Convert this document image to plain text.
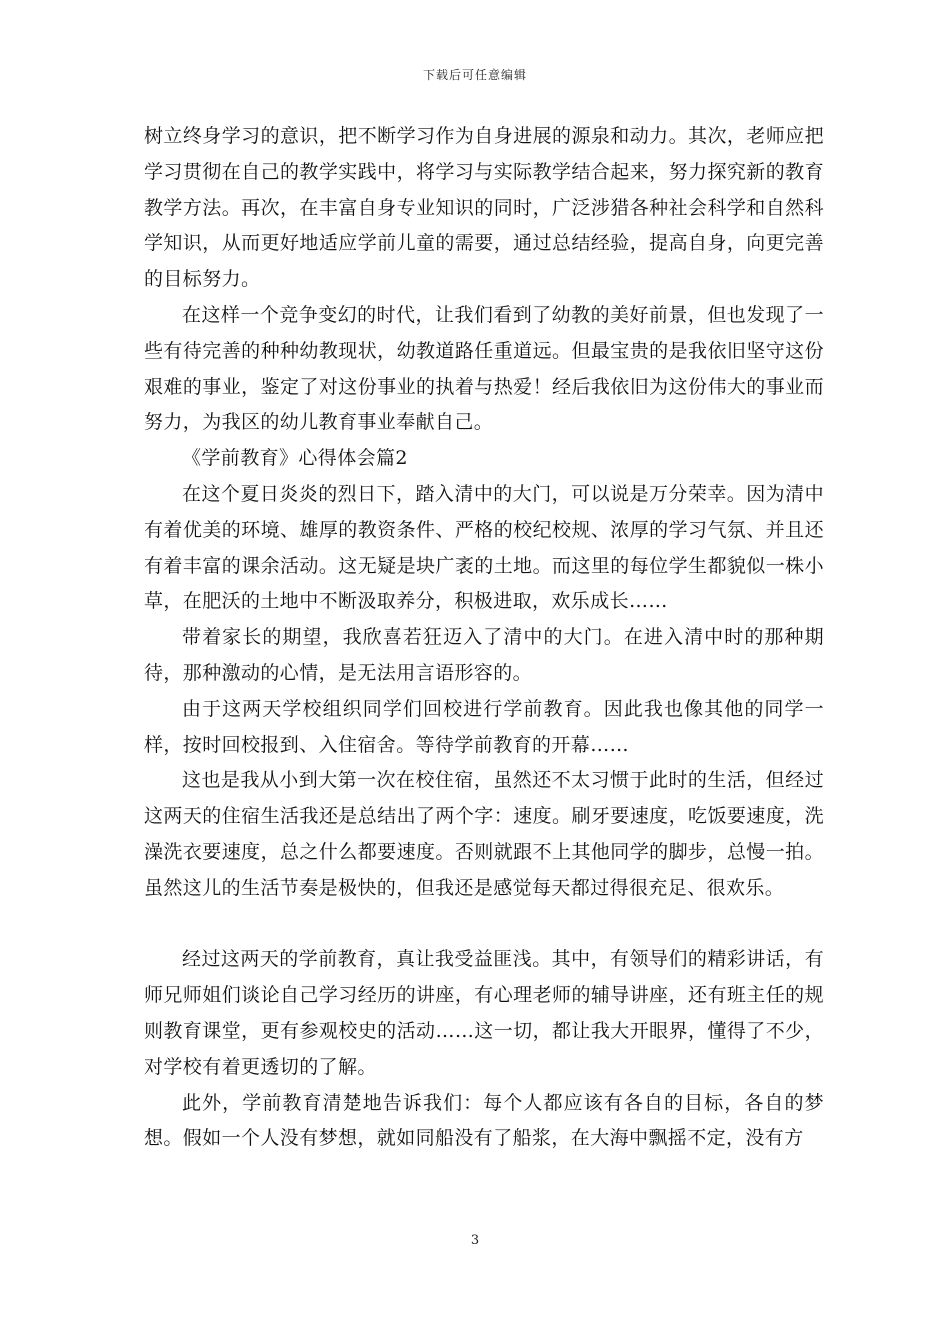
下载后可任意编辑

树立终身学习的意识，把不断学习作为自身进展的源泉和动力。其次，老师应把学习贯彻在自己的教学实践中，将学习与实际教学结合起来，努力探究新的教育教学方法。再次，在丰富自身专业知识的同时，广泛涉猎各种社会科学和自然科学知识，从而更好地适应学前儿童的需要，通过总结经验，提高自身，向更完善的目标努力。

在这样一个竞争变幻的时代，让我们看到了幼教的美好前景，但也发现了一些有待完善的种种幼教现状，幼教道路任重道远。但最宝贵的是我依旧坚守这份艰难的事业，鉴定了对这份事业的执着与热爱！经后我依旧为这份伟大的事业而努力，为我区的幼儿教育事业奉献自己。

《学前教育》心得体会篇2

在这个夏日炎炎的烈日下，踏入清中的大门，可以说是万分荣幸。因为清中有着优美的环境、雄厚的教资条件、严格的校纪校规、浓厚的学习气氛、并且还有着丰富的课余活动。这无疑是块广袤的土地。而这里的每位学生都貌似一株小草，在肥沃的土地中不断汲取养分，积极进取，欢乐成长……

带着家长的期望，我欣喜若狂迈入了清中的大门。在进入清中时的那种期待，那种激动的心情，是无法用言语形容的。

由于这两天学校组织同学们回校进行学前教育。因此我也像其他的同学一样，按时回校报到、入住宿舍。等待学前教育的开幕……

这也是我从小到大第一次在校住宿，虽然还不太习惯于此时的生活，但经过这两天的住宿生活我还是总结出了两个字：速度。刷牙要速度，吃饭要速度，洗澡洗衣要速度，总之什么都要速度。否则就跟不上其他同学的脚步，总慢一拍。虽然这儿的生活节奏是极快的，但我还是感觉每天都过得很充足、很欢乐。

经过这两天的学前教育，真让我受益匪浅。其中，有领导们的精彩讲话，有师兄师姐们谈论自己学习经历的讲座，有心理老师的辅导讲座，还有班主任的规则教育课堂，更有参观校史的活动……这一切，都让我大开眼界，懂得了不少，对学校有着更透切的了解。

此外，学前教育清楚地告诉我们：每个人都应该有各自的目标，各自的梦想。假如一个人没有梦想，就如同船没有了船浆，在大海中飘摇不定，没有方

3
